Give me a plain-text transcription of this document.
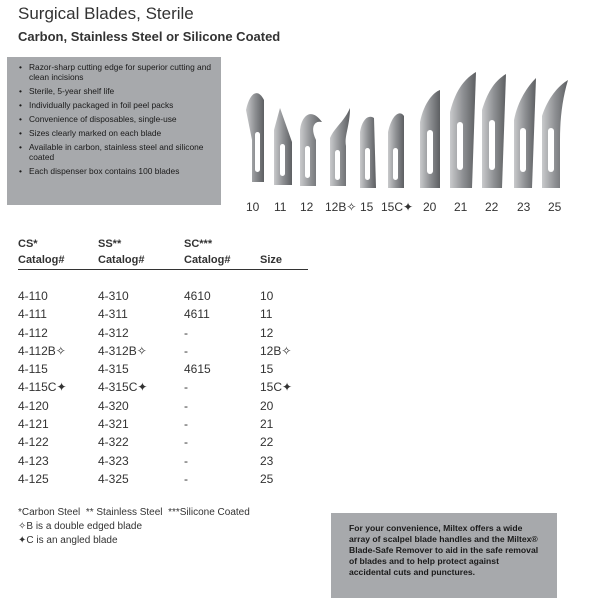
Surgical Blades, Sterile
Carbon, Stainless Steel or Silicone Coated
• Razor-sharp cutting edge for superior cutting and clean incisions
• Sterile, 5-year shelf life
• Individually packaged in foil peel packs
• Convenience of disposables, single-use
• Sizes clearly marked on each blade
• Available in carbon, stainless steel and silicone coated
• Each dispenser box contains 100 blades
10 11 12 12B✧ 15 15C✦ 20 21 22 23 25
CS*
Catalog#
SS**
Catalog#
SC***
Catalog#	Size
4-110
4-111
4-112
4-112B✧
4-115
4-115C✦
4-120
4-121
4-122
4-123
4-125
4-310
4-311
4-312
4-312B✧
4-315
4-315C✦
4-320
4-321
4-322
4-323
4-325
4610
4611
-
-
4615
-
-
-
-
-
-
10
11
12
12B✧
15
15C✦
20
21
22
23
25
*Carbon Steel  ** Stainless Steel  ***Silicone Coated
✧B is a double edged blade
✦C is an angled blade
For your convenience, Miltex offers a wide array of scalpel blade handles and the Miltex® Blade-Safe Remover to aid in the safe removal of blades and to help protect against accidental cuts and punctures.
